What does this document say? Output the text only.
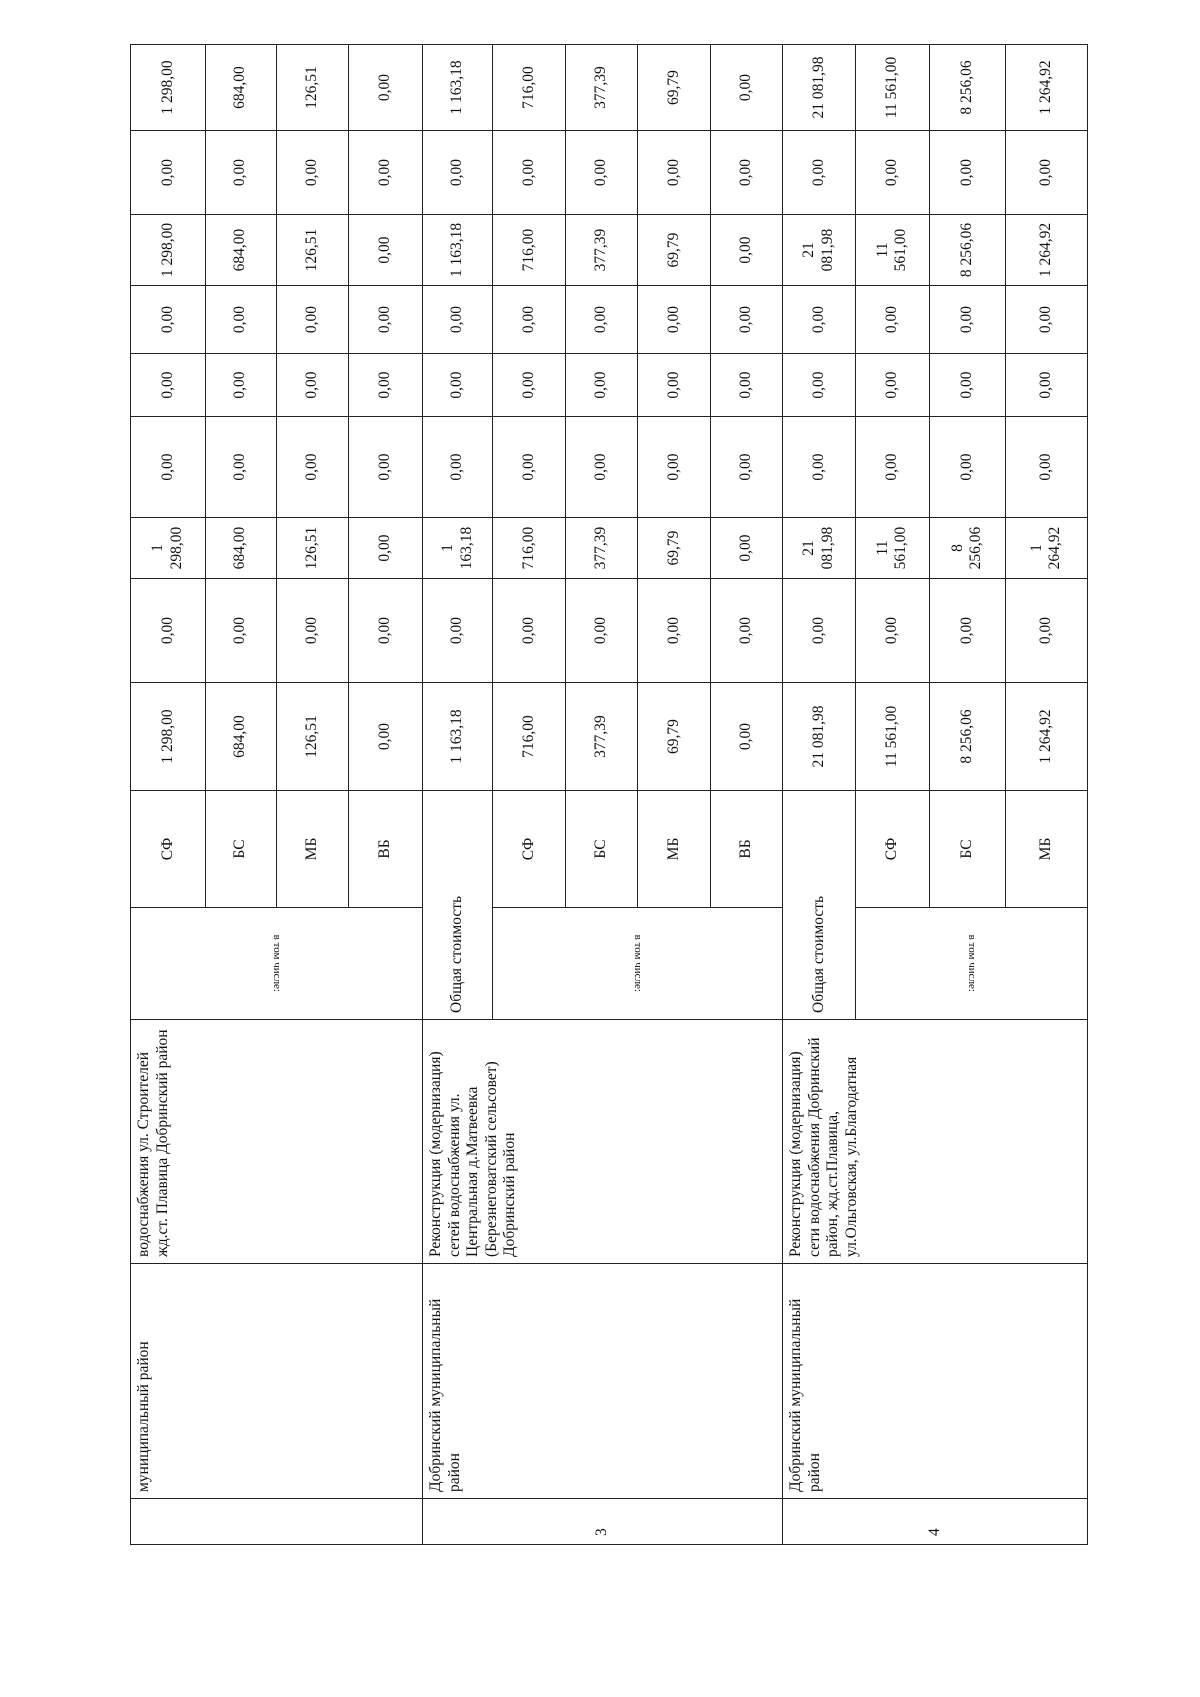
	муниципальный район	водоснабжения ул. Строителей жд.ст. Плавица Добринский район	в том числе:	СФ	1 298,00	0,00	1 298,00	0,00	0,00	0,00	1 298,00	0,00	1 298,00
				БС	684,00	0,00	684,00	0,00	0,00	0,00	684,00	0,00	684,00
				МБ	126,51	0,00	126,51	0,00	0,00	0,00	126,51	0,00	126,51
				ВБ	0,00	0,00	0,00	0,00	0,00	0,00	0,00	0,00	0,00
3	Добринский муниципальный район	Реконструкция (модернизация) сетей водоснабжения ул. Центральная д.Матвеевка (Березнеговатский сельсовет) Добринский район	Общая стоимость		1 163,18	0,00	1 163,18	0,00	0,00	0,00	1 163,18	0,00	1 163,18
			в том числе:	СФ	716,00	0,00	716,00	0,00	0,00	0,00	716,00	0,00	716,00
				БС	377,39	0,00	377,39	0,00	0,00	0,00	377,39	0,00	377,39
				МБ	69,79	0,00	69,79	0,00	0,00	0,00	69,79	0,00	69,79
				ВБ	0,00	0,00	0,00	0,00	0,00	0,00	0,00	0,00	0,00
4	Добринский муниципальный район	Реконструкция (модернизация) сети водоснабжения Добринский район, жд.ст.Плавица, ул.Ольговская, ул.Благодатная	Общая стоимость		21 081,98	0,00	21 081,98	0,00	0,00	0,00	21 081,98	0,00	21 081,98
			в том числе:	СФ	11 561,00	0,00	11 561,00	0,00	0,00	0,00	11 561,00	0,00	11 561,00
				БС	8 256,06	0,00	8 256,06	0,00	0,00	0,00	8 256,06	0,00	8 256,06
				МБ	1 264,92	0,00	1 264,92	0,00	0,00	0,00	1 264,92	0,00	1 264,92
